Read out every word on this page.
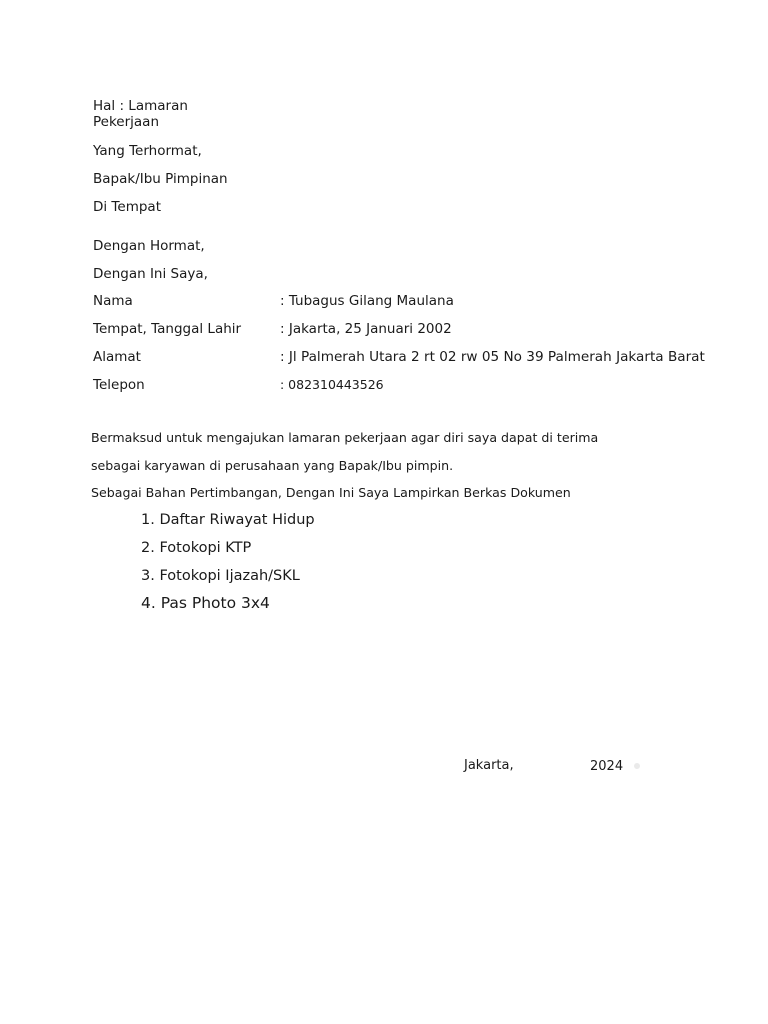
Hal : Lamaran
Pekerjaan
Yang Terhormat,
Bapak/Ibu Pimpinan
Di Tempat
Dengan Hormat,
Dengan Ini Saya,
Nama	: Tubagus Gilang Maulana
Tempat, Tanggal Lahir	: Jakarta, 25 Januari 2002
Alamat	: Jl Palmerah Utara 2 rt 02 rw 05 No 39 Palmerah Jakarta Barat
Telepon	: 082310443526
Bermaksud untuk mengajukan lamaran pekerjaan agar diri saya dapat di terima
sebagai karyawan di perusahaan yang Bapak/Ibu pimpin.
Sebagai Bahan Pertimbangan, Dengan Ini Saya Lampirkan Berkas Dokumen
1. Daftar Riwayat Hidup
2. Fotokopi KTP
3. Fotokopi Ijazah/SKL
4. Pas Photo 3x4
Jakarta,	2024
